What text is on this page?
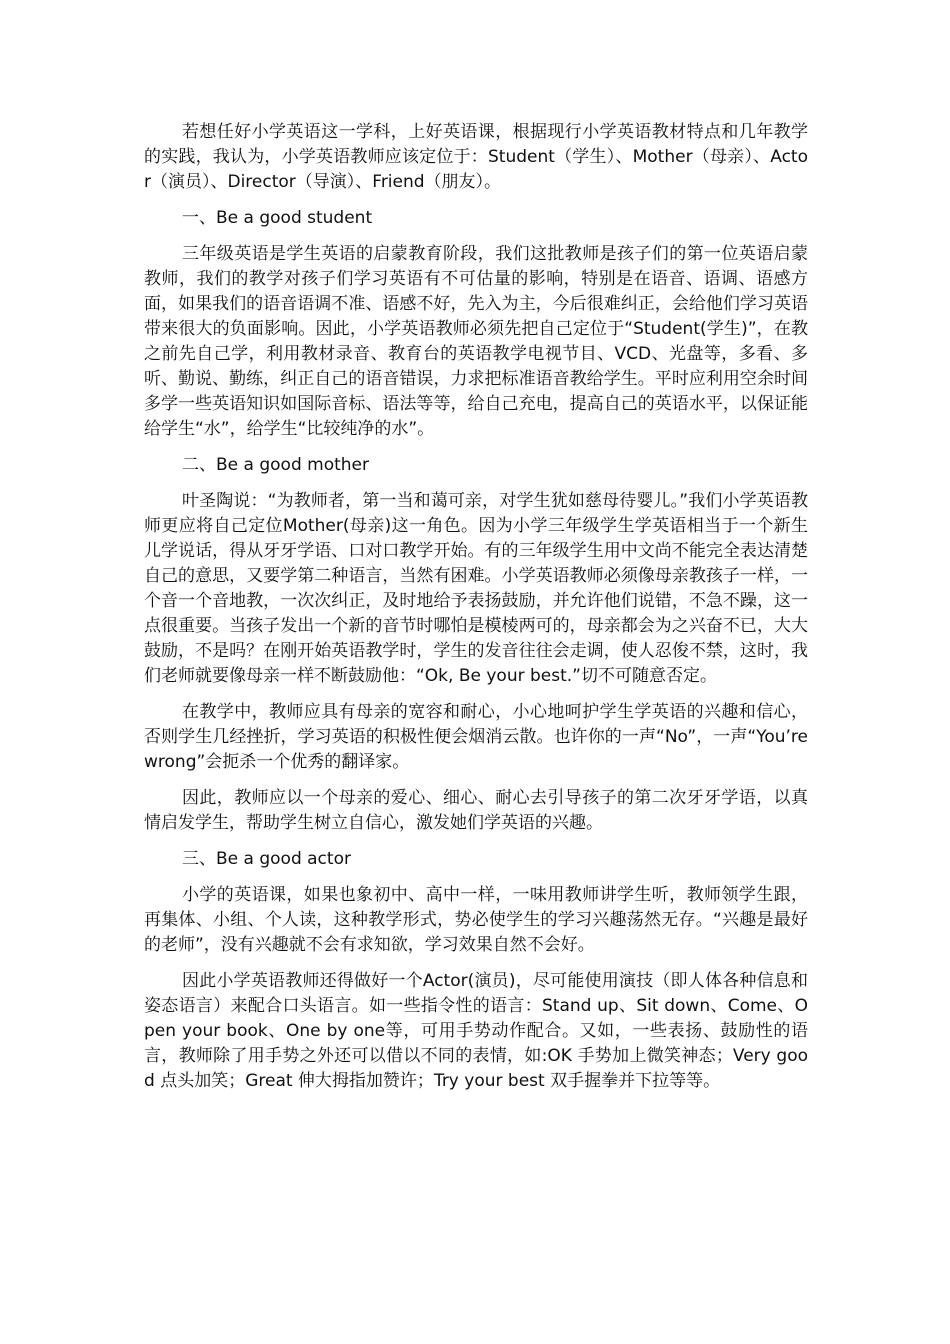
若想任好小学英语这一学科，上好英语课，根据现行小学英语教材特点和几年教学的实践，我认为，小学英语教师应该定位于：Student（学生）、Mother（母亲）、Actor（演员）、Director（导演）、Friend（朋友）。

一、Be a good student

三年级英语是学生英语的启蒙教育阶段，我们这批教师是孩子们的第一位英语启蒙教师，我们的教学对孩子们学习英语有不可估量的影响，特别是在语音、语调、语感方面，如果我们的语音语调不准、语感不好，先入为主，今后很难纠正，会给他们学习英语带来很大的负面影响。因此，小学英语教师必须先把自己定位于“Student(学生)”，在教之前先自己学，利用教材录音、教育台的英语教学电视节目、VCD、光盘等，多看、多听、勤说、勤练，纠正自己的语音错误，力求把标准语音教给学生。平时应利用空余时间多学一些英语知识如国际音标、语法等等，给自己充电，提高自己的英语水平，以保证能给学生“水”，给学生“比较纯净的水”。

二、Be a good mother

叶圣陶说：“为教师者，第一当和蔼可亲，对学生犹如慈母待婴儿。”我们小学英语教师更应将自己定位Mother(母亲)这一角色。因为小学三年级学生学英语相当于一个新生儿学说话，得从牙牙学语、口对口教学开始。有的三年级学生用中文尚不能完全表达清楚自己的意思，又要学第二种语言，当然有困难。小学英语教师必须像母亲教孩子一样，一个音一个音地教，一次次纠正，及时地给予表扬鼓励，并允许他们说错，不急不躁，这一点很重要。当孩子发出一个新的音节时哪怕是模棱两可的，母亲都会为之兴奋不已，大大鼓励，不是吗？在刚开始英语教学时，学生的发音往往会走调，使人忍俊不禁，这时，我们老师就要像母亲一样不断鼓励他：“Ok, Be your best.”切不可随意否定。

在教学中，教师应具有母亲的宽容和耐心，小心地呵护学生学英语的兴趣和信心，否则学生几经挫折，学习英语的积极性便会烟消云散。也许你的一声“No”，一声“You’re wrong”会扼杀一个优秀的翻译家。

因此，教师应以一个母亲的爱心、细心、耐心去引导孩子的第二次牙牙学语，以真情启发学生，帮助学生树立自信心，激发她们学英语的兴趣。

三、Be a good actor

小学的英语课，如果也象初中、高中一样，一味用教师讲学生听，教师领学生跟，再集体、小组、个人读，这种教学形式，势必使学生的学习兴趣荡然无存。“兴趣是最好的老师”，没有兴趣就不会有求知欲，学习效果自然不会好。

因此小学英语教师还得做好一个Actor(演员)，尽可能使用演技（即人体各种信息和姿态语言）来配合口头语言。如一些指令性的语言：Stand up、Sit down、Come、Open your book、One by one等，可用手势动作配合。又如，一些表扬、鼓励性的语言，教师除了用手势之外还可以借以不同的表情，如:OK 手势加上微笑神态；Very good 点头加笑；Great 伸大拇指加赞许；Try your best 双手握拳并下拉等等。
